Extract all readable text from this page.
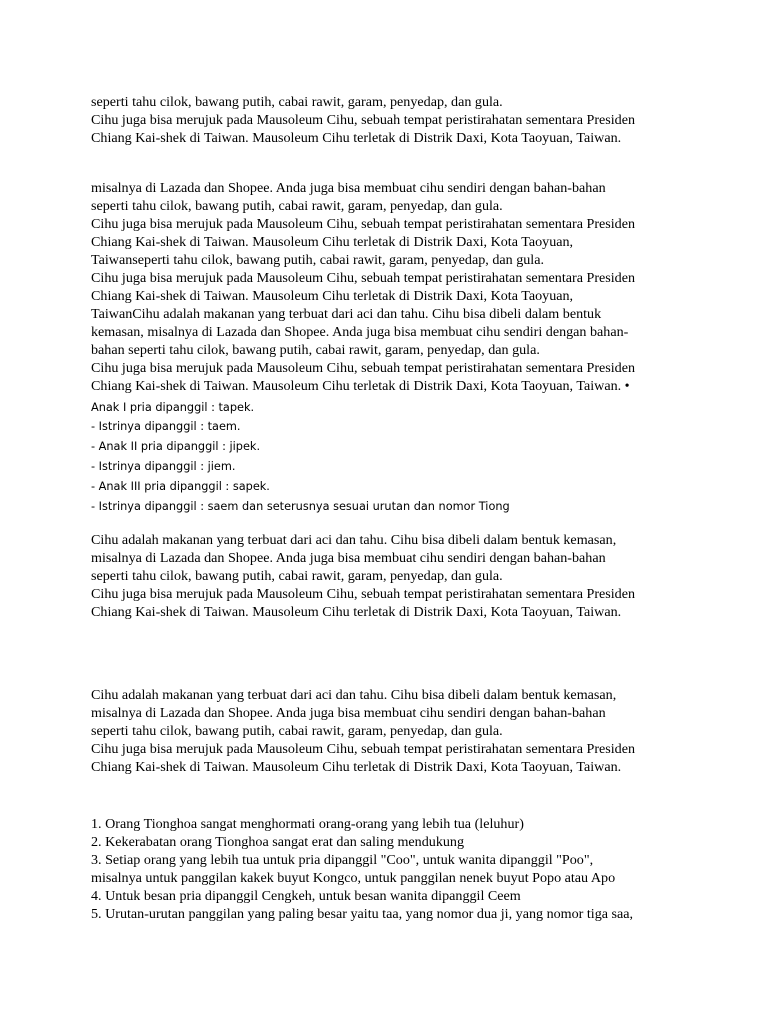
seperti tahu cilok, bawang putih, cabai rawit, garam, penyedap, dan gula.
Cihu juga bisa merujuk pada Mausoleum Cihu, sebuah tempat peristirahatan sementara Presiden
Chiang Kai-shek di Taiwan. Mausoleum Cihu terletak di Distrik Daxi, Kota Taoyuan, Taiwan.
misalnya di Lazada dan Shopee. Anda juga bisa membuat cihu sendiri dengan bahan-bahan
seperti tahu cilok, bawang putih, cabai rawit, garam, penyedap, dan gula.
Cihu juga bisa merujuk pada Mausoleum Cihu, sebuah tempat peristirahatan sementara Presiden
Chiang Kai-shek di Taiwan. Mausoleum Cihu terletak di Distrik Daxi, Kota Taoyuan,
Taiwanseperti tahu cilok, bawang putih, cabai rawit, garam, penyedap, dan gula.
Cihu juga bisa merujuk pada Mausoleum Cihu, sebuah tempat peristirahatan sementara Presiden
Chiang Kai-shek di Taiwan. Mausoleum Cihu terletak di Distrik Daxi, Kota Taoyuan,
TaiwanCihu adalah makanan yang terbuat dari aci dan tahu. Cihu bisa dibeli dalam bentuk
kemasan, misalnya di Lazada dan Shopee. Anda juga bisa membuat cihu sendiri dengan bahan-
bahan seperti tahu cilok, bawang putih, cabai rawit, garam, penyedap, dan gula.
Cihu juga bisa merujuk pada Mausoleum Cihu, sebuah tempat peristirahatan sementara Presiden
Chiang Kai-shek di Taiwan. Mausoleum Cihu terletak di Distrik Daxi, Kota Taoyuan, Taiwan. •
Anak I pria dipanggil : tapek.
- Istrinya dipanggil : taem.
- Anak II pria dipanggil : jipek.
- Istrinya dipanggil : jiem.
- Anak III pria dipanggil : sapek.
- Istrinya dipanggil : saem dan seterusnya sesuai urutan dan nomor Tiong
Cihu adalah makanan yang terbuat dari aci dan tahu. Cihu bisa dibeli dalam bentuk kemasan,
misalnya di Lazada dan Shopee. Anda juga bisa membuat cihu sendiri dengan bahan-bahan
seperti tahu cilok, bawang putih, cabai rawit, garam, penyedap, dan gula.
Cihu juga bisa merujuk pada Mausoleum Cihu, sebuah tempat peristirahatan sementara Presiden
Chiang Kai-shek di Taiwan. Mausoleum Cihu terletak di Distrik Daxi, Kota Taoyuan, Taiwan.
Cihu adalah makanan yang terbuat dari aci dan tahu. Cihu bisa dibeli dalam bentuk kemasan,
misalnya di Lazada dan Shopee. Anda juga bisa membuat cihu sendiri dengan bahan-bahan
seperti tahu cilok, bawang putih, cabai rawit, garam, penyedap, dan gula.
Cihu juga bisa merujuk pada Mausoleum Cihu, sebuah tempat peristirahatan sementara Presiden
Chiang Kai-shek di Taiwan. Mausoleum Cihu terletak di Distrik Daxi, Kota Taoyuan, Taiwan.
1. Orang Tionghoa sangat menghormati orang-orang yang lebih tua (leluhur)
2. Kekerabatan orang Tionghoa sangat erat dan saling mendukung
3. Setiap orang yang lebih tua untuk pria dipanggil "Coo", untuk wanita dipanggil "Poo",
misalnya untuk panggilan kakek buyut Kongco, untuk panggilan nenek buyut Popo atau Apo
4. Untuk besan pria dipanggil Cengkeh, untuk besan wanita dipanggil Ceem
5. Urutan-urutan panggilan yang paling besar yaitu taa, yang nomor dua ji, yang nomor tiga saa,
